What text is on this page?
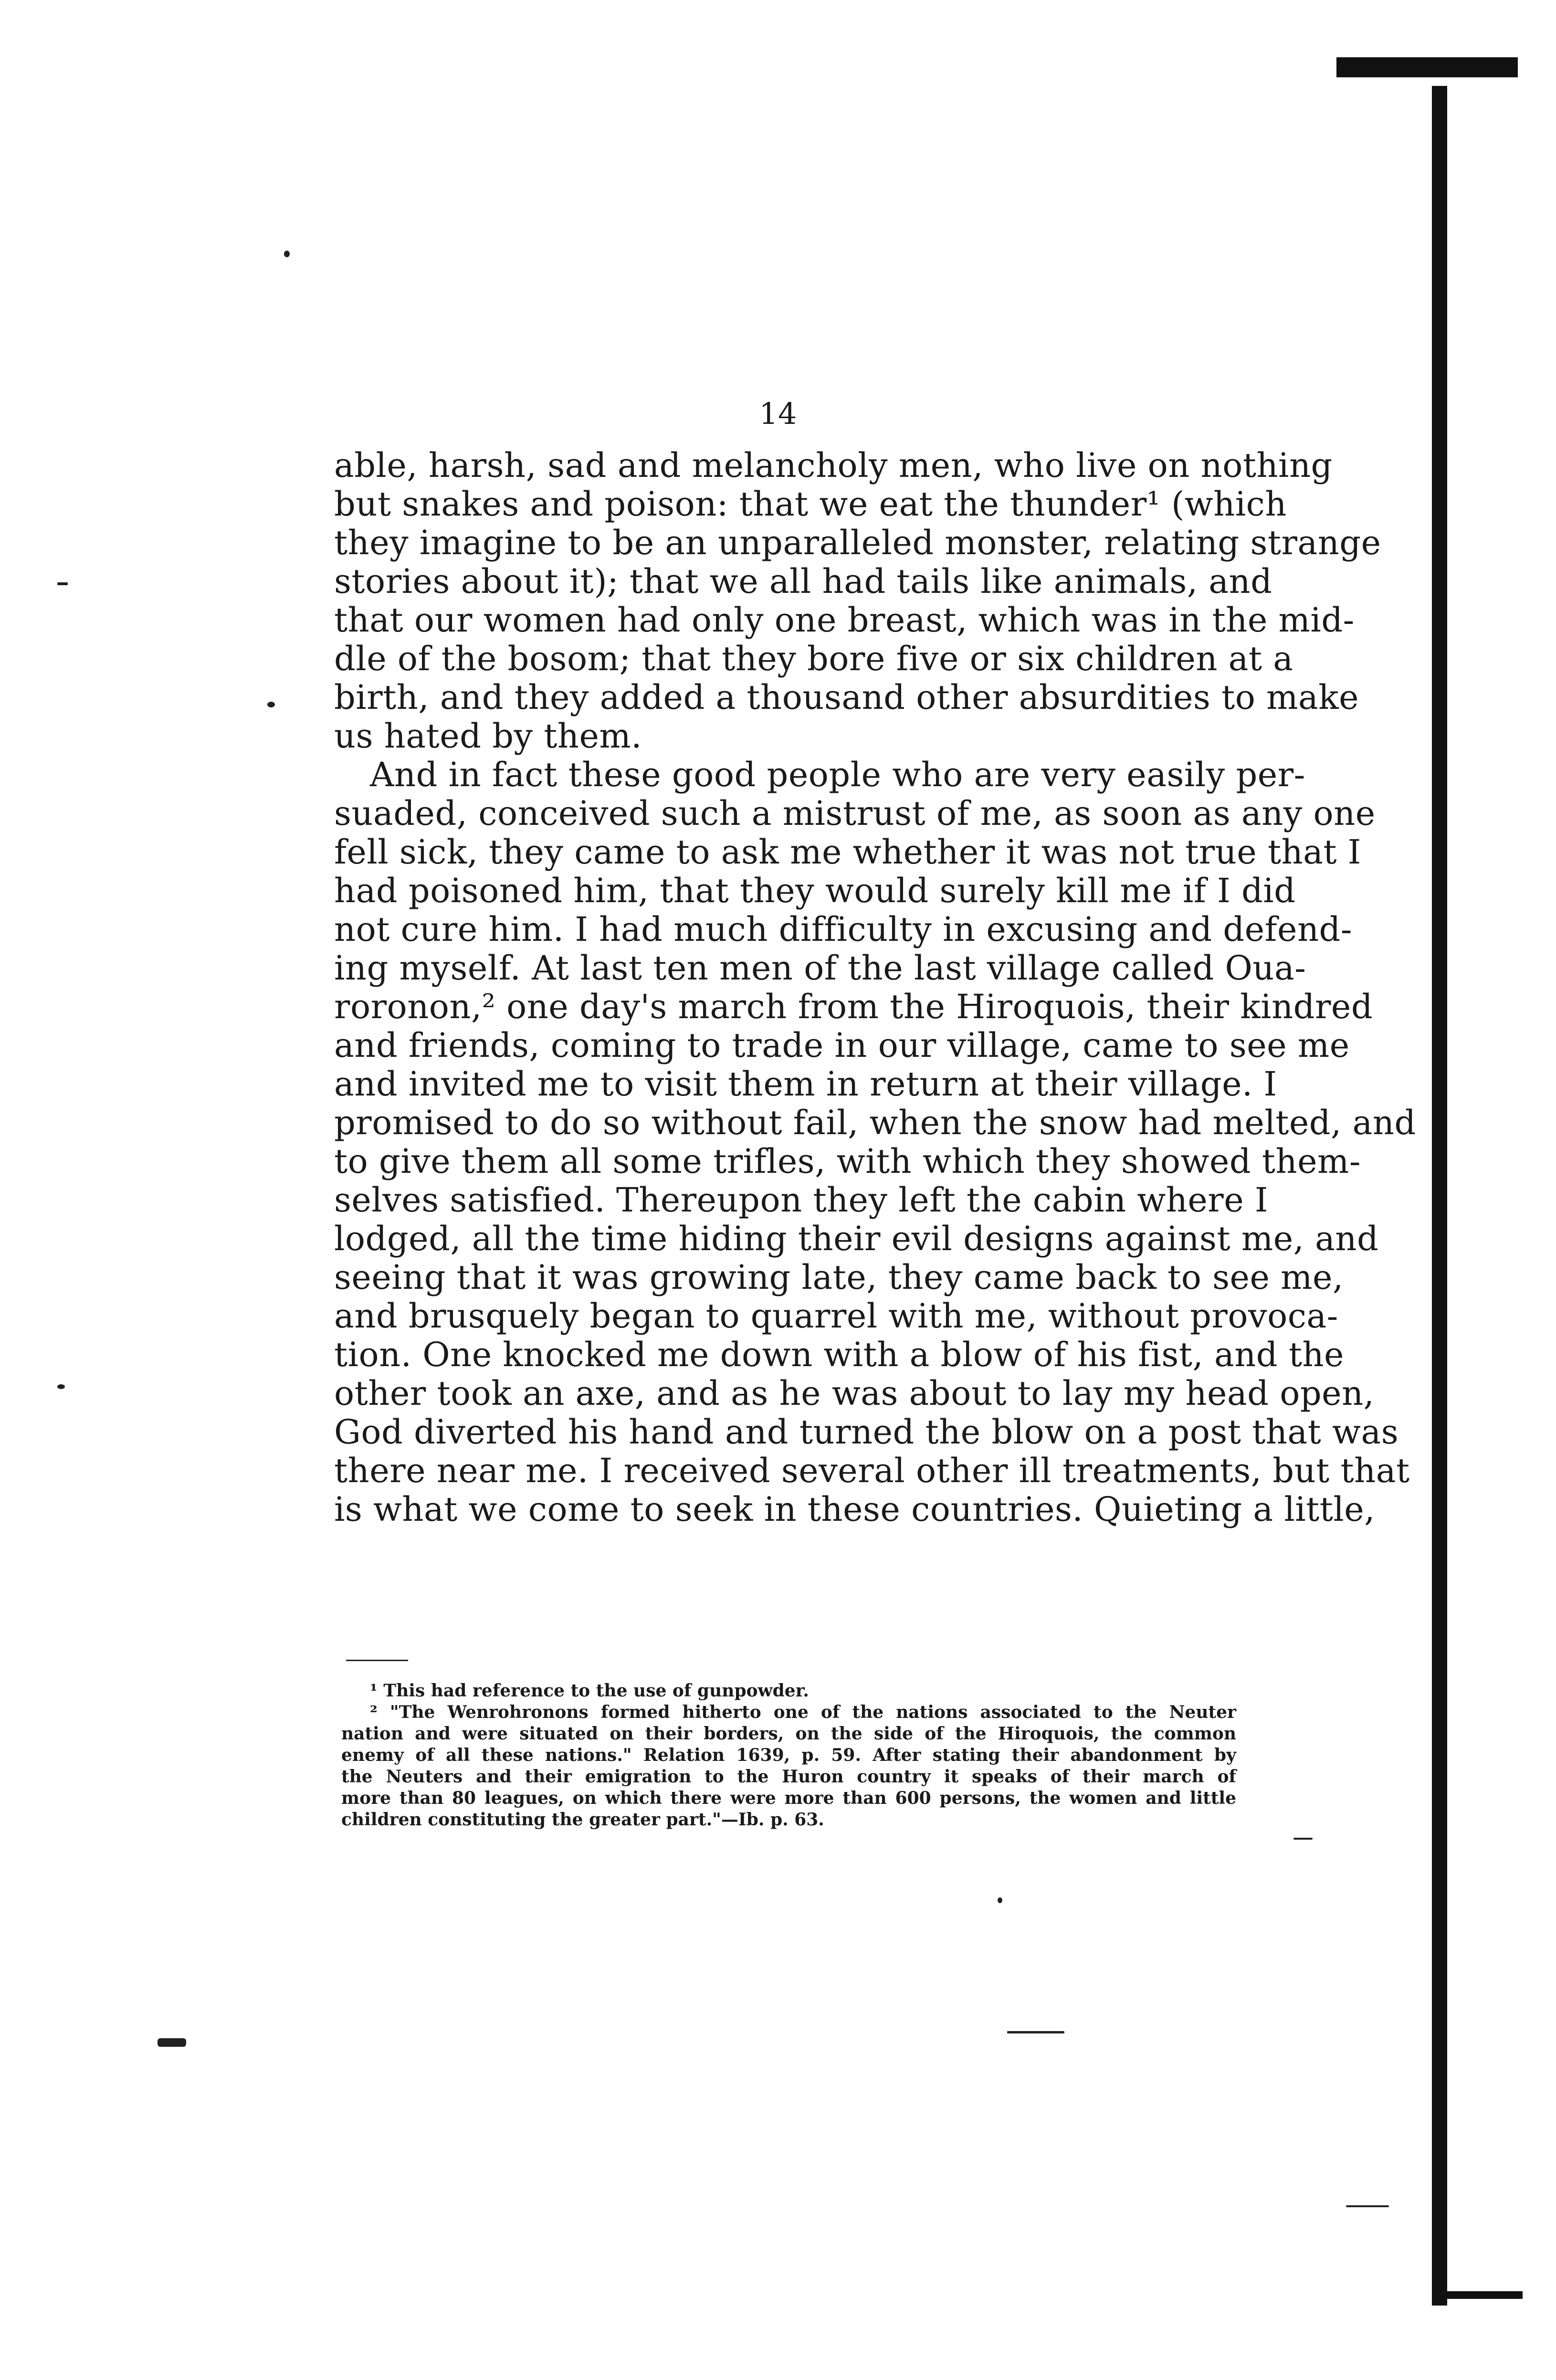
14
able, harsh, sad and melancholy men, who live on nothing
but snakes and poison: that we eat the thunder¹ (which
they imagine to be an unparalleled monster, relating strange
stories about it); that we all had tails like animals, and
that our women had only one breast, which was in the mid-
dle of the bosom; that they bore five or six children at a
birth, and they added a thousand other absurdities to make
us hated by them.
And in fact these good people who are very easily per-
suaded, conceived such a mistrust of me, as soon as any one
fell sick, they came to ask me whether it was not true that I
had poisoned him, that they would surely kill me if I did
not cure him. I had much difficulty in excusing and defend-
ing myself. At last ten men of the last village called Oua-
roronon,² one day's march from the Hiroquois, their kindred
and friends, coming to trade in our village, came to see me
and invited me to visit them in return at their village. I
promised to do so without fail, when the snow had melted, and
to give them all some trifles, with which they showed them-
selves satisfied. Thereupon they left the cabin where I
lodged, all the time hiding their evil designs against me, and
seeing that it was growing late, they came back to see me,
and brusquely began to quarrel with me, without provoca-
tion. One knocked me down with a blow of his fist, and the
other took an axe, and as he was about to lay my head open,
God diverted his hand and turned the blow on a post that was
there near me. I received several other ill treatments, but that
is what we come to seek in these countries. Quieting a little,
¹ This had reference to the use of gunpowder.
² "The Wenrohronons formed hitherto one of the nations associated to the Neuter
nation and were situated on their borders, on the side of the Hiroquois, the common
enemy of all these nations." Relation 1639, p. 59. After stating their abandonment by
the Neuters and their emigration to the Huron country it speaks of their march of
more than 80 leagues, on which there were more than 600 persons, the women and little
children constituting the greater part."—Ib. p. 63.
